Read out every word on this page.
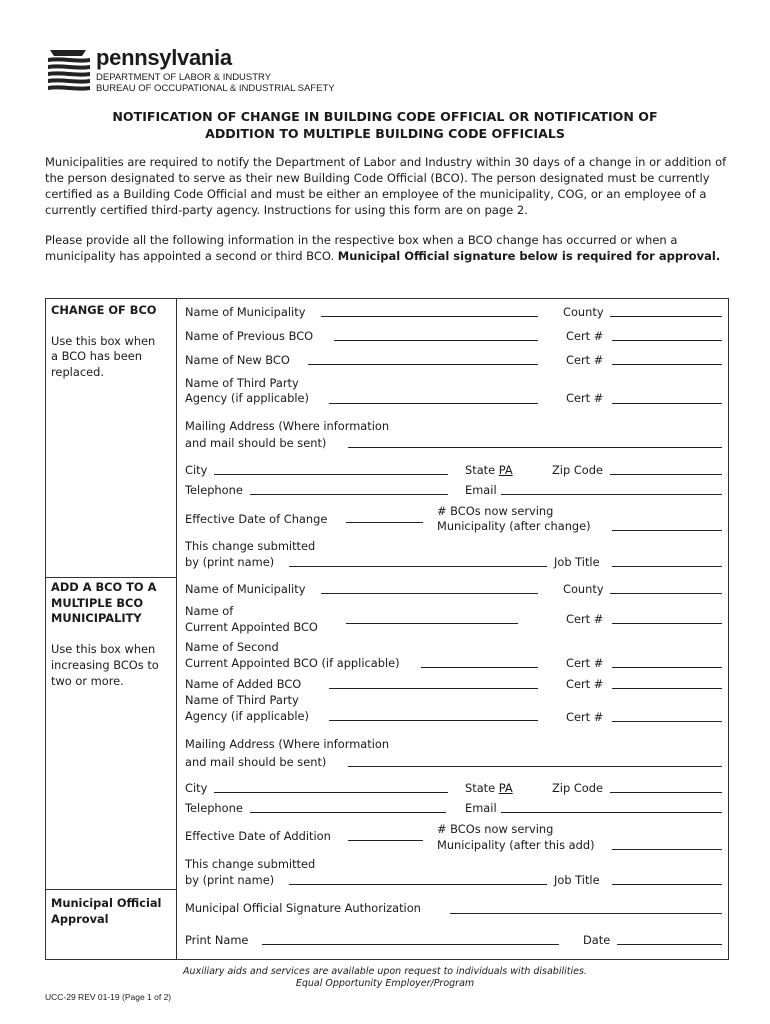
pennsylvania
DEPARTMENT OF LABOR & INDUSTRY
BUREAU OF OCCUPATIONAL & INDUSTRIAL SAFETY
NOTIFICATION OF CHANGE IN BUILDING CODE OFFICIAL OR NOTIFICATION OF
ADDITION TO MULTIPLE BUILDING CODE OFFICIALS
Municipalities are required to notify the Department of Labor and Industry within 30 days of a change in or addition of the person designated to serve as their new Building Code Official (BCO). The person designated must be currently certified as a Building Code Official and must be either an employee of the municipality, COG, or an employee of a currently certified third-party agency. Instructions for using this form are on page 2.
Please provide all the following information in the respective box when a BCO change has occurred or when a municipality has appointed a second or third BCO. Municipal Official signature below is required for approval.
CHANGE OF BCO
Use this box when
a BCO has been
replaced.
ADD A BCO TO A
MULTIPLE BCO
MUNICIPALITY
Use this box when
increasing BCOs to
two or more.
Municipal Official
Approval
Name of Municipality	County
Name of Previous BCO	Cert #
Name of New BCO	Cert #
Name of Third Party
Agency (if applicable)	Cert #
Mailing Address (Where information
and mail should be sent)
City	State PA	Zip Code
Telephone	Email
Effective Date of Change
# BCOs now serving
Municipality (after change)
This change submitted
by (print name)	Job Title
Name of Municipality	County
Name of
Current Appointed BCO
Cert #
Name of Second
Current Appointed BCO (if applicable)	Cert #
Name of Added BCO	Cert #
Name of Third Party
Agency (if applicable)	Cert #
Mailing Address (Where information
and mail should be sent)
City	State PA	Zip Code
Telephone	Email
Effective Date of Addition	# BCOs now serving
Municipality (after this add)
This change submitted
by (print name)	Job Title
Municipal Official Signature Authorization
Print Name	Date
Auxiliary aids and services are available upon request to individuals with disabilities.
Equal Opportunity Employer/Program
UCC-29 REV 01-19 (Page 1 of 2)
